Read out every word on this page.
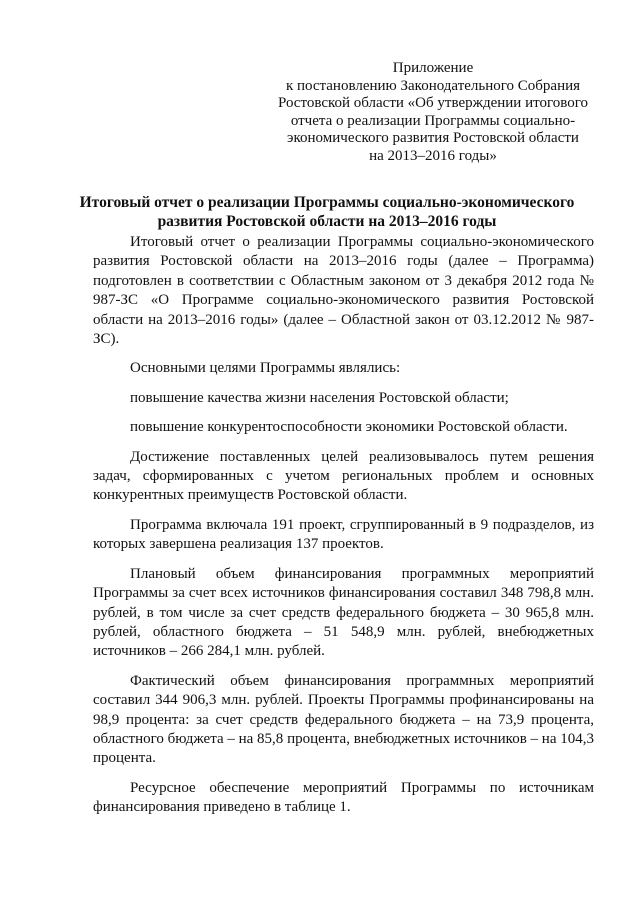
Приложение
к постановлению Законодательного Собрания
Ростовской области «Об утверждении итогового
отчета о реализации Программы социально-
экономического развития Ростовской области
на 2013–2016 годы»
Итоговый отчет о реализации Программы социально-экономического
развития Ростовской области на 2013–2016 годы

Итоговый отчет о реализации Программы социально-экономического развития Ростовской области на 2013–2016 годы (далее – Программа) подготовлен в соответствии с Областным законом от 3 декабря 2012 года № 987-ЗС «О Программе социально-экономического развития Ростовской области на 2013–2016 годы» (далее – Областной закон от 03.12.2012 № 987-ЗС).

Основными целями Программы являлись:

повышение качества жизни населения Ростовской области;

повышение конкурентоспособности экономики Ростовской области.

Достижение поставленных целей реализовывалось путем решения задач, сформированных с учетом региональных проблем и основных конкурентных преимуществ Ростовской области.

Программа включала 191 проект, сгруппированный в 9 подразделов, из которых завершена реализация 137 проектов.

Плановый объем финансирования программных мероприятий Программы за счет всех источников финансирования составил 348 798,8 млн. рублей, в том числе за счет средств федерального бюджета – 30 965,8 млн. рублей, областного бюджета – 51 548,9 млн. рублей, внебюджетных источников – 266 284,1 млн. рублей.

Фактический объем финансирования программных мероприятий составил 344 906,3 млн. рублей. Проекты Программы профинансированы на 98,9 процента: за счет средств федерального бюджета – на 73,9 процента, областного бюджета – на 85,8 процента, внебюджетных источников – на 104,3 процента.

Ресурсное обеспечение мероприятий Программы по источникам финансирования приведено в таблице 1.
